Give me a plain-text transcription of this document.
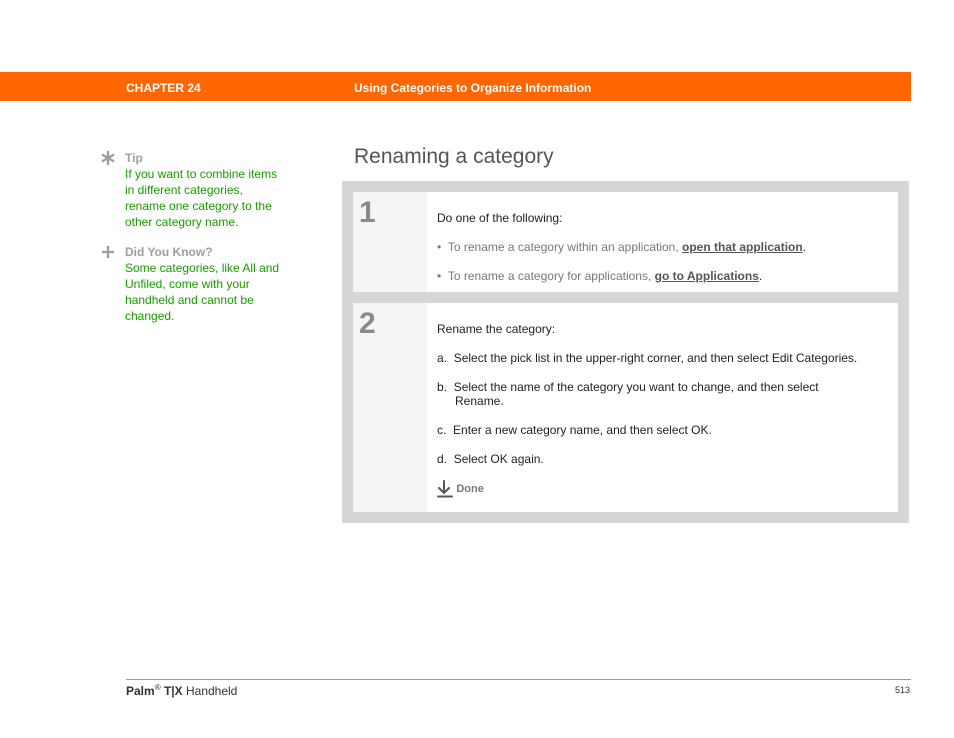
CHAPTER 24	Using Categories to Organize Information
Tip
If you want to combine items in different categories, rename one category to the other category name.
Did You Know?
Some categories, like All and Unfiled, come with your handheld and cannot be changed.
Renaming a category
1	Do one of the following:
•  To rename a category within an application, open that application.
•  To rename a category for applications, go to Applications.
2	Rename the category:
a. Select the pick list in the upper-right corner, and then select Edit Categories.
b. Select the name of the category you want to change, and then select
Rename.
c. Enter a new category name, and then select OK.
d. Select OK again.
Done
Palm® T|X Handheld	513
